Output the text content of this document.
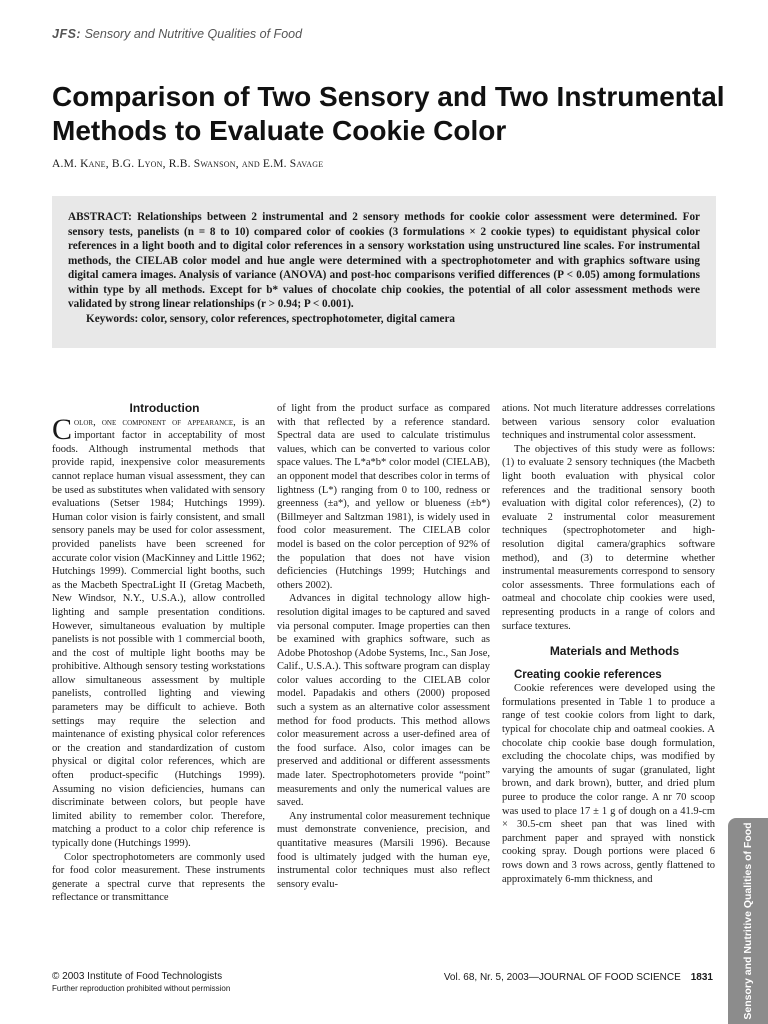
JFS: Sensory and Nutritive Qualities of Food
Comparison of Two Sensory and Two Instrumental Methods to Evaluate Cookie Color
A.M. Kane, B.G. Lyon, R.B. Swanson, and E.M. Savage

ABSTRACT: Relationships between 2 instrumental and 2 sensory methods for cookie color assessment were determined. For sensory tests, panelists (n = 8 to 10) compared color of cookies (3 formulations × 2 cookie types) to equidistant physical color references in a light booth and to digital color references in a sensory workstation using unstructured line scales. For instrumental methods, the CIELAB color model and hue angle were determined with a spectrophotometer and with graphics software using digital camera images. Analysis of variance (ANOVA) and post-hoc comparisons verified differences (P < 0.05) among formulations within type by all methods. Except for b* values of chocolate chip cookies, the potential of all color assessment methods were validated by strong linear relationships (r > 0.94; P < 0.001).

Keywords: color, sensory, color references, spectrophotometer, digital camera

Introduction

Color, one component of appearance, is an important factor in acceptability of most foods. Although instrumental methods that provide rapid, inexpensive color measurements cannot replace human visual assessment, they can be used as substitutes when validated with sensory evaluations (Setser 1984; Hutchings 1999). Human color vision is fairly consistent, and small sensory panels may be used for color assessment, provided panelists have been screened for accurate color vision (MacKinney and Little 1962; Hutchings 1999). Commercial light booths, such as the Macbeth SpectraLight II (Gretag Macbeth, New Windsor, N.Y., U.S.A.), allow controlled lighting and sample presentation conditions. However, simultaneous evaluation by multiple panelists is not possible with 1 commercial booth, and the cost of multiple light booths may be prohibitive. Although sensory testing workstations allow simultaneous assessment by multiple panelists, controlled lighting and viewing parameters may be difficult to achieve. Both settings may require the selection and maintenance of existing physical color references or the creation and standardization of custom physical or digital color references, which are often product-specific (Hutchings 1999). Assuming no vision deficiencies, humans can discriminate between colors, but people have limited ability to remember color. Therefore, matching a product to a color chip reference is typically done (Hutchings 1999).

Color spectrophotometers are commonly used for food color measurement. These instruments generate a spectral curve that represents the reflectance or transmittance

of light from the product surface as compared with that reflected by a reference standard. Spectral data are used to calculate tristimulus values, which can be converted to various color space values. The L*a*b* color model (CIELAB), an opponent model that describes color in terms of lightness (L*) ranging from 0 to 100, redness or greenness (±a*), and yellow or blueness (±b*) (Billmeyer and Saltzman 1981), is widely used in food color measurement. The CIELAB color model is based on the color perception of 92% of the population that does not have vision deficiencies (Hutchings 1999; Hutchings and others 2002).

Advances in digital technology allow high-resolution digital images to be captured and saved via personal computer. Image properties can then be examined with graphics software, such as Adobe Photoshop (Adobe Systems, Inc., San Jose, Calif., U.S.A.). This software program can display color values according to the CIELAB color model. Papadakis and others (2000) proposed such a system as an alternative color assessment method for food products. This method allows color measurement across a user-defined area of the food surface. Also, color images can be preserved and additional or different assessments made later. Spectrophotometers provide “point” measurements and only the numerical values are saved.

Any instrumental color measurement technique must demonstrate convenience, precision, and quantitative measures (Marsili 1996). Because food is ultimately judged with the human eye, instrumental color techniques must also reflect sensory evalu-

ations. Not much literature addresses correlations between various sensory color evaluation techniques and instrumental color assessment.

The objectives of this study were as follows: (1) to evaluate 2 sensory techniques (the Macbeth light booth evaluation with physical color references and the traditional sensory booth evaluation with digital color references), (2) to evaluate 2 instrumental color measurement techniques (spectrophotometer and high-resolution digital camera/graphics software method), and (3) to determine whether instrumental measurements correspond to sensory color assessments. Three formulations each of oatmeal and chocolate chip cookies were used, representing products in a range of colors and surface textures.

Materials and Methods

Creating cookie references

Cookie references were developed using the formulations presented in Table 1 to produce a range of test cookie colors from light to dark, typical for chocolate chip and oatmeal cookies. A chocolate chip cookie base dough formulation, excluding the chocolate chips, was modified by varying the amounts of sugar (granulated, light brown, and dark brown), butter, and dried plum puree to produce the color range. A nr 70 scoop was used to place 17 ± 1 g of dough on a 41.9-cm × 30.5-cm sheet pan that was lined with parchment paper and sprayed with nonstick cooking spray. Dough portions were placed 6 rows down and 3 rows across, gently flattened to approximately 6-mm thickness, and	Sensory and Nutritive Qualities of Food
© 2003 Institute of Food Technologists
Further reproduction prohibited without permission
Vol. 68, Nr. 5, 2003—JOURNAL OF FOOD SCIENCE 1831
